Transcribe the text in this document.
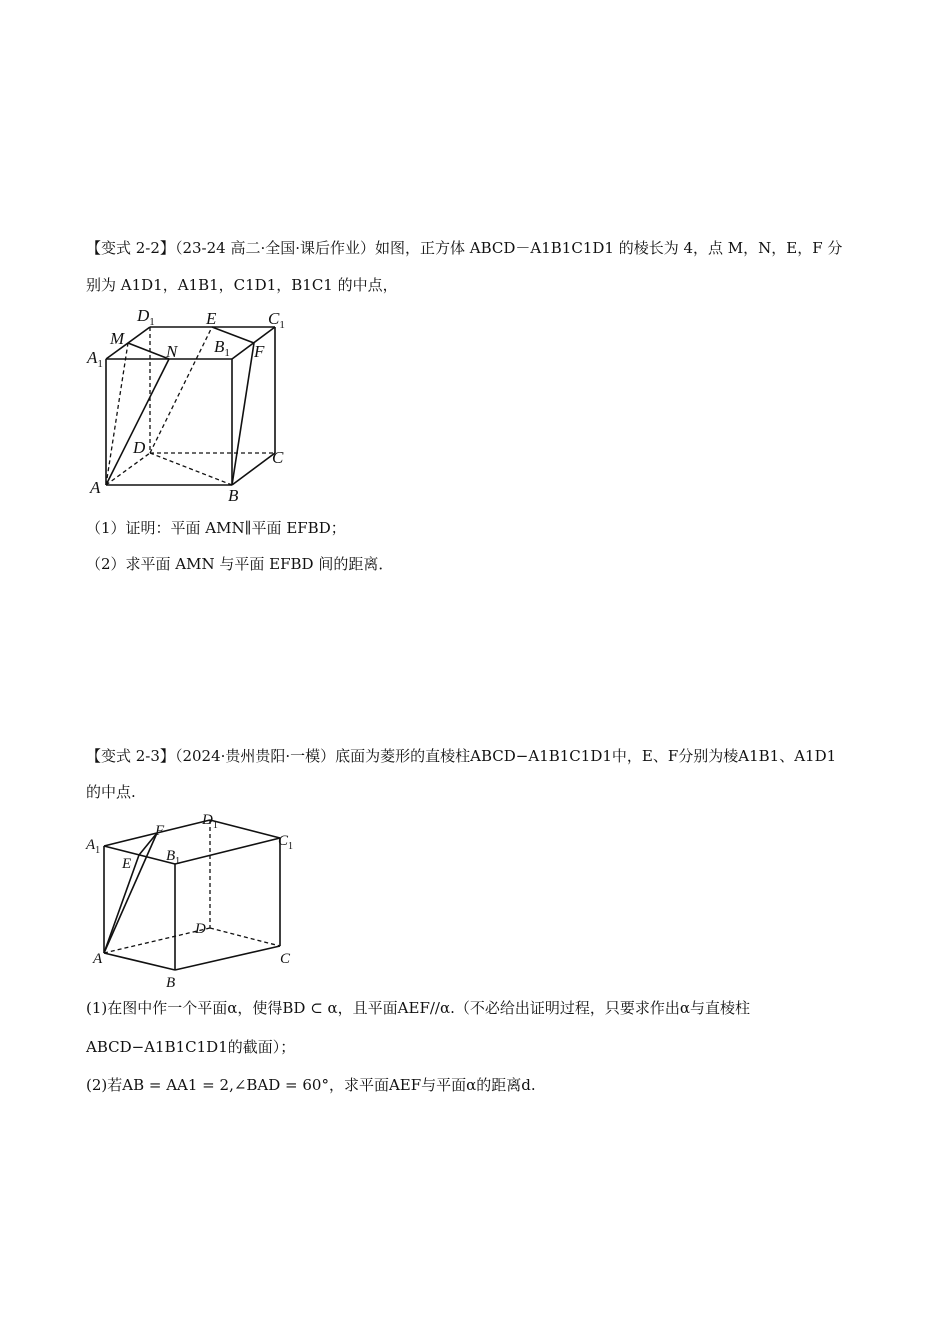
【变式 2-2】（23-24 高二·全国·课后作业）如图，正方体 ABCD－A1B1C1D1 的棱长为 4，点 M，N，E，F 分
别为 A1D1，A1B1，C1D1，B1C1 的中点，
$D_1$	E	$C_1$
M
N $B_1$ F
$A_1$
D
C
A	B
（1）证明：平面 AMN∥平面 EFBD；
（2）求平面 AMN 与平面 EFBD 间的距离．
【变式 2-3】（2024·贵州贵阳·一模）底面为菱形的直棱柱ABCD−A1B1C1D1中，E、F分别为棱A1B1、A1D1
的中点.
$D_1$
F
$A_1$
$C_1$
E $B_1$
D
A	C
B
(1)在图中作一个平面α，使得BD ⊂ α，且平面AEF//α.（不必给出证明过程，只要求作出α与直棱柱
ABCD−A1B1C1D1的截面）；
(2)若AB = AA1 = 2,∠BAD = 60°，求平面AEF与平面α的距离d.
